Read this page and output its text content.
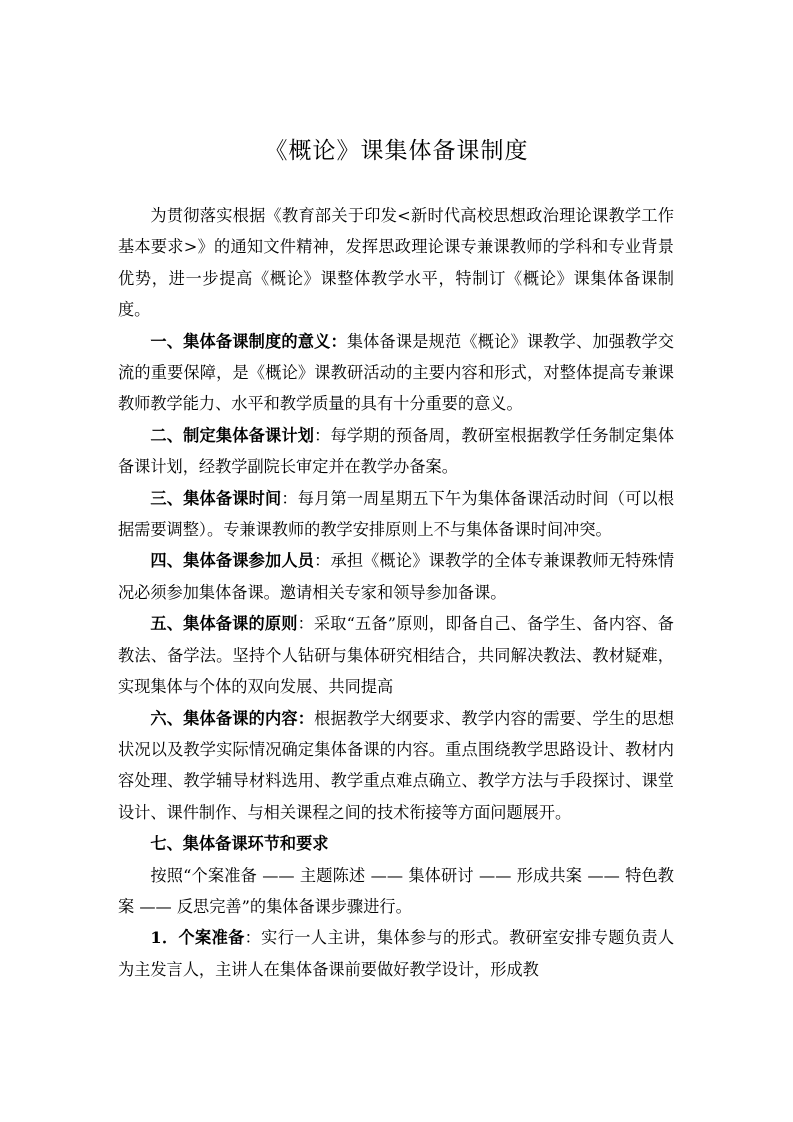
《概论》课集体备课制度

为贯彻落实根据《教育部关于印发<新时代高校思想政治理论课教学工作基本要求>》的通知文件精神，发挥思政理论课专兼课教师的学科和专业背景优势，进一步提高《概论》课整体教学水平，特制订《概论》课集体备课制度。

一、集体备课制度的意义：集体备课是规范《概论》课教学、加强教学交流的重要保障，是《概论》课教研活动的主要内容和形式，对整体提高专兼课教师教学能力、水平和教学质量的具有十分重要的意义。

二、制定集体备课计划：每学期的预备周，教研室根据教学任务制定集体备课计划，经教学副院长审定并在教学办备案。

三、集体备课时间：每月第一周星期五下午为集体备课活动时间（可以根据需要调整）。专兼课教师的教学安排原则上不与集体备课时间冲突。

四、集体备课参加人员：承担《概论》课教学的全体专兼课教师无特殊情况必须参加集体备课。邀请相关专家和领导参加备课。

五、集体备课的原则：采取“五备”原则，即备自己、备学生、备内容、备教法、备学法。坚持个人钻研与集体研究相结合，共同解决教法、教材疑难，实现集体与个体的双向发展、共同提高

六、集体备课的内容：根据教学大纲要求、教学内容的需要、学生的思想状况以及教学实际情况确定集体备课的内容。重点围绕教学思路设计、教材内容处理、教学辅导材料选用、教学重点难点确立、教学方法与手段探讨、课堂设计、课件制作、与相关课程之间的技术衔接等方面问题展开。

七、集体备课环节和要求

按照“个案准备 —— 主题陈述 —— 集体研讨 —— 形成共案 —— 特色教案 —— 反思完善”的集体备课步骤进行。

1．个案准备：实行一人主讲，集体参与的形式。教研室安排专题负责人为主发言人，主讲人在集体备课前要做好教学设计，形成教
